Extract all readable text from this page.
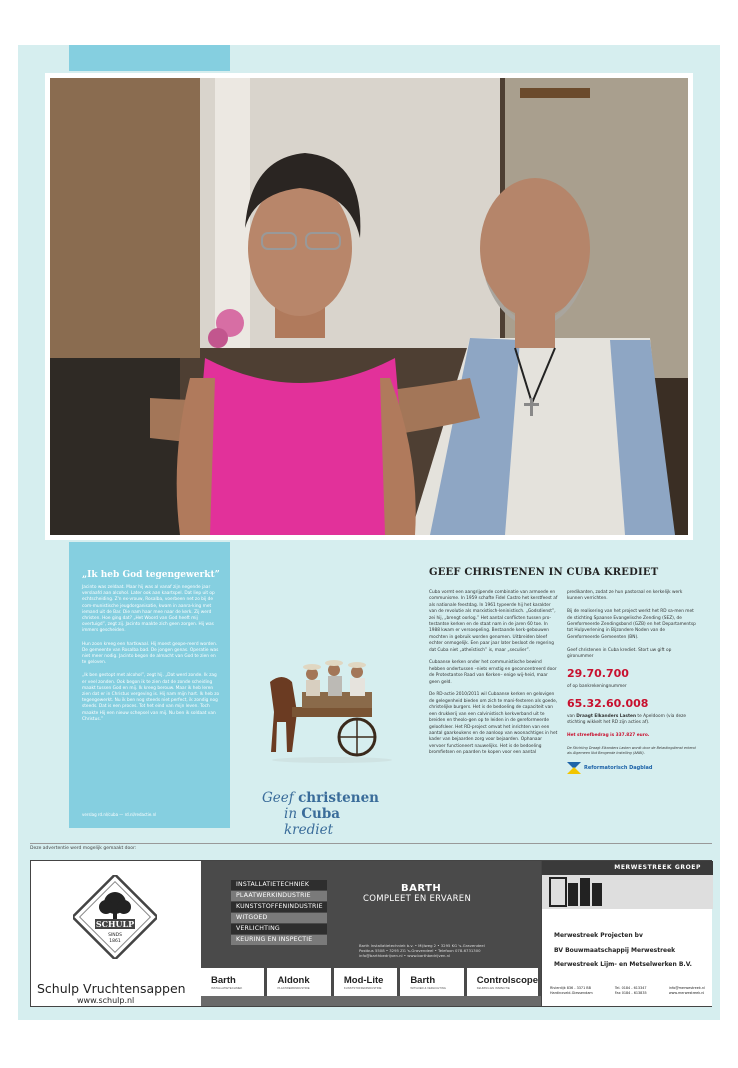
„Ik heb God tegengewerkt”

Jacinto was zeldaat. Maar hij was al vanaf zijn negende jaar verslaafd aan alcohol. Later ook aan kaartspel. Dat liep uit op echtscheiding. Z'n ex-vrouw, Rosalba, voerbeen net zo bij de com-munistische jeugdorganisatie, kwam in aanra-king met iemand uit de Bar. Die nam haar mee naar de kerk. Zij werd christen. Hoe ging dat? „Het Woord van God heeft mij overtuigd”, zegt zij. Jacinto maakte zich geen zorgen. Hij was immers gescheiden.

Hun zoon kreeg een hartkwaal. Hij moest geope-reerd worden. De gemeente van Rosalba bad. De jongen genas. Operatie was niet meer nodig. Jacinto begon de almacht van God te zien en te geloven.

„Ik ben gestopt met alcohol”, zegt hij. „Dat werd zonde. Ik zag er veel zonden. Ook begon ik te zien dat de zonde scheiding maakt tussen God en mij. Ik kreeg berouw. Maar ik heb leren zien dat er in Christus vergeving is. Hij nam mijn hart. Ik heb zo tegengewerkt. Nu ik ben nog steeds niet perfect, ik zondig nog steeds. Dat is een proces. Tot het eind van mijn leven. Toch maakte Hij een nieuw schepsel van mij. Nu ben ik soldaat van Christus.”

verslag rd.nl/cuba — rd.nl/redactie.nl
Geef christenen
in Cuba krediet
GEEF CHRISTENEN IN CUBA KREDIET

Cuba vormt een aangrijpende combinatie van armoede en communisme. In 1959 schafte Fidel Castro het kerstfeest af als nationale feestdag. In 1961 typeerde hij het karakter van de revolutie als marxistisch-leninistisch. „Godsdienst”, zei hij, „brengt oorlog.” Het aantal conflicten tussen pro-testantse kerken en de staat nam in de jaren 60 toe. In 1988 kwam er versoepeling. Bestaande kerk-gebouwen mochten in gebruik worden genomen. Uitbreiden bleef echter onmogelijk. Een paar jaar later besloot de regering dat Cuba niet „atheïstisch” is, maar „seculier”.

Cubaanse kerken onder het communistische bewind hebben ondertussen –niets ernstig en geconcentreerd door de Protestantse Raad van Kerken– enige wij-heid, maar geen geld.

De RD-actie 2010/2011 wil Cubaanse kerken en gelovigen de gelegenheid bieden om zich te mani-festeren als goede, christelijke burgers. Het is de bedoeling de capaciteit van een drukkerij van een calvinistisch kerkverband uit te breiden en theolo-gen op te leiden in de gereformeerde geloofsleer. Het RD-project omvat het inrichten van een aantal gaarkeukens en de aanloop van woonachtiges in het kader van bejaarden zorg voor bejaarden. Ophanaar vervoer functioneert nauwelijks. Het is de bedoeling bromfietsen en paarden te kopen voor een aantal

predikanten, zodat ze hun pastoraal en kerkelijk werk kunnen verrichten.

Bij de realisering van het project werkt het RD sa-men met de stichting Spaanse Evangelische Zending (SEZ), de Gereformeerde Zendingsbond (GZB) en het Departamentsp tot Hulpverlening in Bijzondere Noden van de Gereformeerde Gemeenten (BN).

Geef christenen in Cuba krediet. Stort uw gift op gironummer

29.70.700

of op bankrekeningnummer

65.32.60.008

van Draagt Elkanders Lasten te Apeldoorn (via deze stichting wikkelt het RD zijn acties af).

Het streefbedrag is 337.827 euro.

De Stichting Draagt Elkanders Lasten wordt door de Belastingdienst erkend als Algemeen Nut Beogende Instelling (ANBI).

Reformatorisch Dagblad
Deze advertentie werd mogelijk gemaakt door:
SCHULP
SINDS
1861
Schulp Vruchtensappen
www.schulp.nl
INSTALLATIETECHNIEK
PLAATWERKINDUSTRIE
KUNSTSTOFFENINDUSTRIE
WITGOED
VERLICHTING
KEURING EN INSPECTIE
BARTH
COMPLEET EN ERVAREN
Barth Installatietechniek b.v. • Mijlweg 2 • 3295 KG 's-Gravendeel
Postbus 5508 • 3295 ZG 's-Gravendeel • Telefoon 078-6731300
info@barthbedrijven.nl • www.barthbedrijven.nl
Barth
INSTALLATIETECHNIEK
Aldonk
PLAATWERKINDUSTRIE
Mod-Lite
KUNSTSTOFFENINDUSTRIE
Barth
WITGOED & VERLICHTING
Controlscope
KEURING EN INSPECTIE
MERWESTREEK GROEP
Merwestreek Projecten bv
BV Bouwmaatschappij Merwestreek
Merwestreek Lijm- en Metselwerken B.V.
Rivierdijk 836 - 3371 BB
Hardinxveld-Giessendam
Tel. 0184 - 613347
Fax 0184 - 613835
info@merwestreek.nl
www.merwestreek.nl
